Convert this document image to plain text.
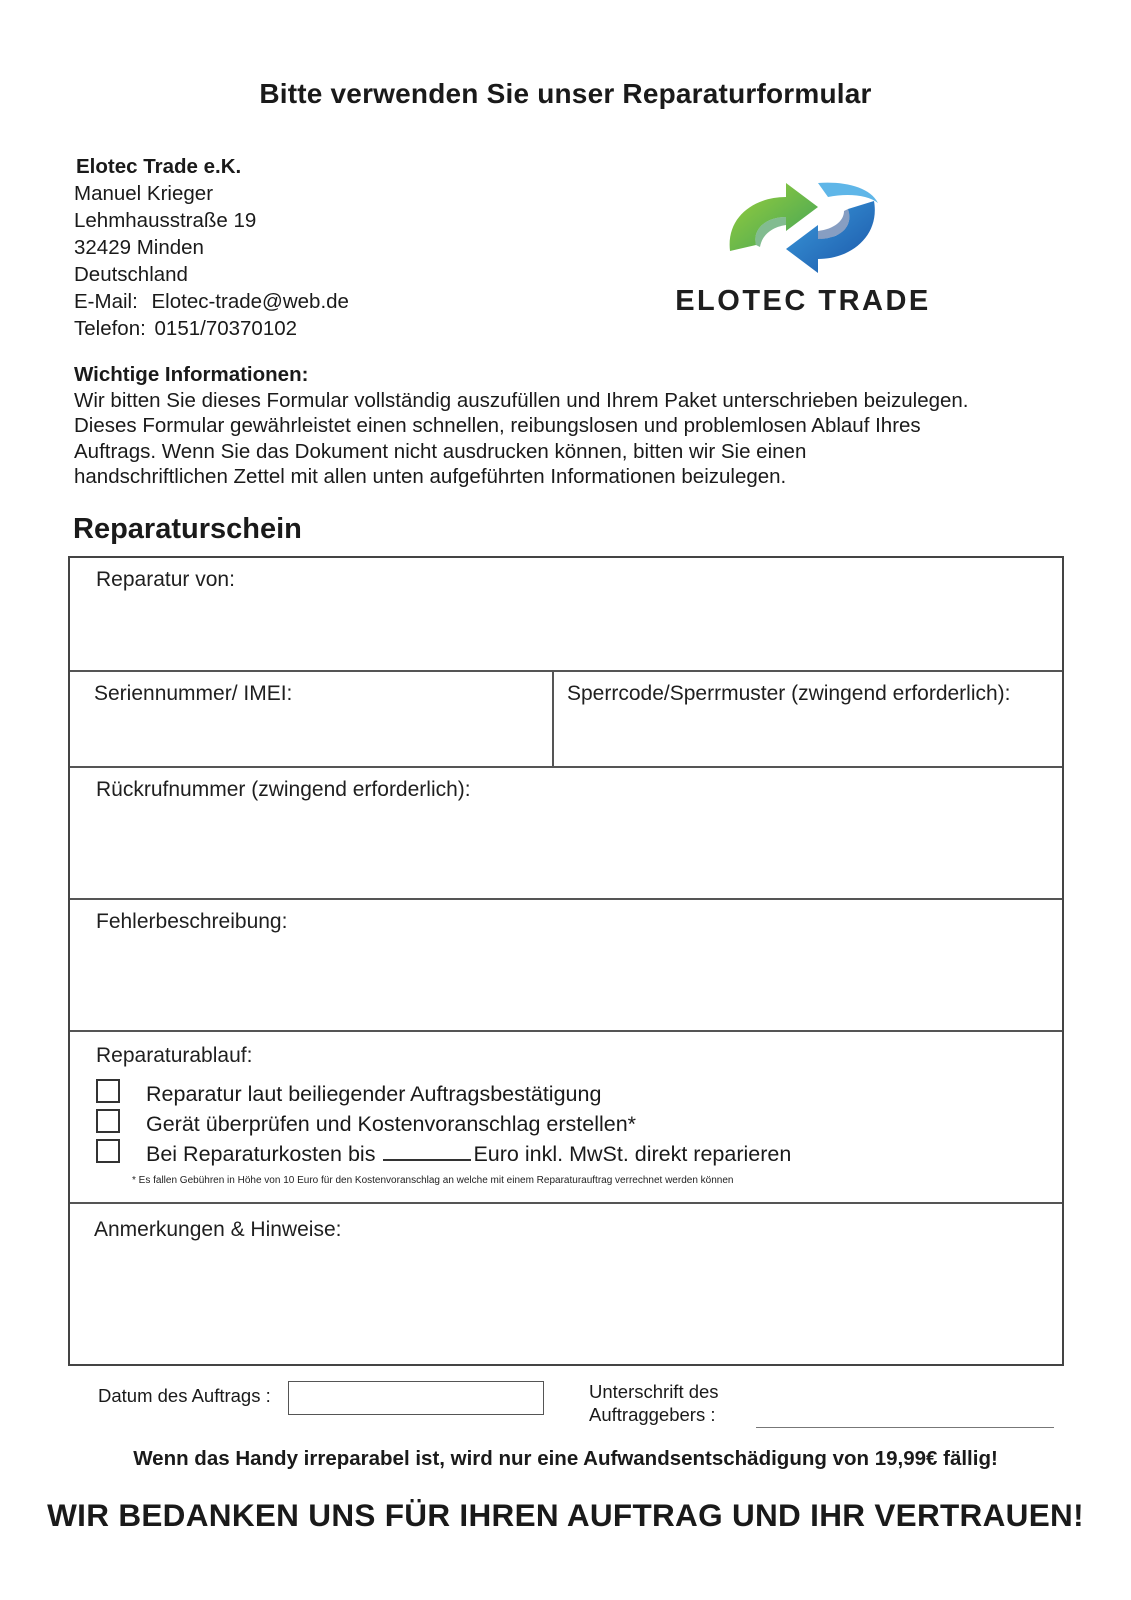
Bitte verwenden Sie unser Reparaturformular
Elotec Trade e.K.
Manuel Krieger
Lehmhausstraße 19
32429 Minden
Deutschland
E-Mail: Elotec-trade@web.de
Telefon: 0151/70370102
ELOTEC TRADE
Wichtige Informationen:
Wir bitten Sie dieses Formular vollständig auszufüllen und Ihrem Paket unterschrieben beizulegen.
Dieses Formular gewährleistet einen schnellen, reibungslosen und problemlosen Ablauf Ihres
Auftrags. Wenn Sie das Dokument nicht ausdrucken können, bitten wir Sie einen
handschriftlichen Zettel mit allen unten aufgeführten Informationen beizulegen.
Reparaturschein
Reparatur von:
Seriennummer/ IMEI:	Sperrcode/Sperrmuster (zwingend erforderlich):
Rückrufnummer (zwingend erforderlich):
Fehlerbeschreibung:
Reparaturablauf:
Reparatur laut beiliegender Auftragsbestätigung
Gerät überprüfen und Kostenvoranschlag erstellen*
Bei Reparaturkosten bis	Euro inkl. MwSt. direkt reparieren
* Es fallen Gebühren in Höhe von 10 Euro für den Kostenvoranschlag an welche mit einem Reparaturauftrag verrechnet werden können
Anmerkungen & Hinweise:
Datum des Auftrags :	Unterschrift des
Auftraggebers :
Wenn das Handy irreparabel ist, wird nur eine Aufwandsentschädigung von 19,99€ fällig!
WIR BEDANKEN UNS FÜR IHREN AUFTRAG UND IHR VERTRAUEN!
